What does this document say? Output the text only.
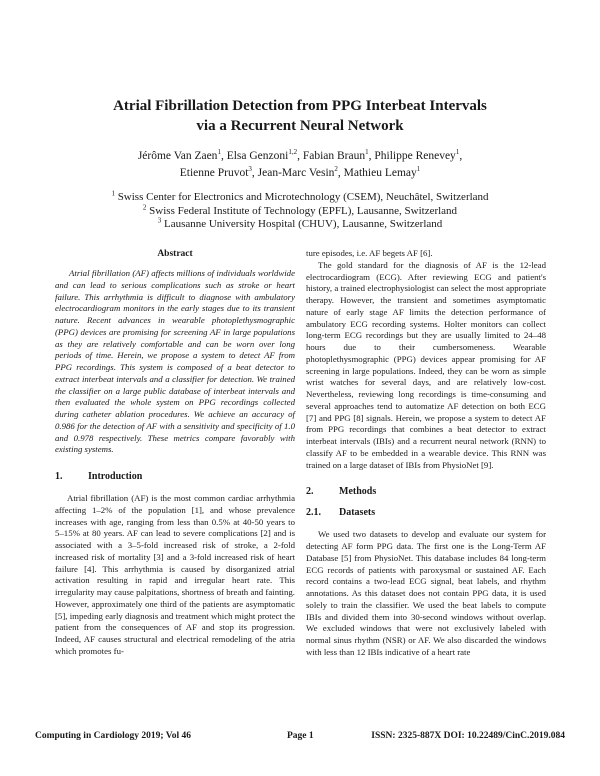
Atrial Fibrillation Detection from PPG Interbeat Intervals
via a Recurrent Neural Network
Jérôme Van Zaen$^1$, Elsa Genzoni$^{1,2}$, Fabian Braun$^1$, Philippe Renevey$^1$,
Etienne Pruvot$^3$, Jean-Marc Vesin$^2$, Mathieu Lemay$^1$
$^1$ Swiss Center for Electronics and Microtechnology (CSEM), Neuchâtel, Switzerland
$^2$ Swiss Federal Institute of Technology (EPFL), Lausanne, Switzerland
$^3$ Lausanne University Hospital (CHUV), Lausanne, Switzerland
Abstract

Atrial fibrillation (AF) affects millions of individuals worldwide and can lead to serious complications such as stroke or heart failure. This arrhythmia is difficult to diagnose with ambulatory electrocardiogram monitors in the early stages due to its transient nature. Recent advances in wearable photoplethysmographic (PPG) devices are promising for screening AF in large populations as they are relatively comfortable and can be worn over long periods of time. Herein, we propose a system to detect AF from PPG recordings. This system is composed of a beat detector to extract interbeat intervals and a classifier for detection. We trained the classifier on a large public database of interbeat intervals and then evaluated the whole system on PPG recordings collected during catheter ablation procedures. We achieve an accuracy of 0.986 for the detection of AF with a sensitivity and specificity of 1.0 and 0.978 respectively. These metrics compare favorably with existing systems.

1.	Introduction

Atrial fibrillation (AF) is the most common cardiac arrhythmia affecting 1–2% of the population [1], and whose prevalence increases with age, ranging from less than 0.5% at 40-50 years to 5–15% at 80 years. AF can lead to severe complications [2] and is associated with a 3–5-fold increased risk of stroke, a 2-fold increased risk of mortality [3] and a 3-fold increased risk of heart failure [4]. This arrhythmia is caused by disorganized atrial activation resulting in rapid and irregular heart rate. This irregularity may cause palpitations, shortness of breath and fainting. However, approximately one third of the patients are asymptomatic [5], impeding early diagnosis and treatment which might protect the patient from the consequences of AF and stop its progression. Indeed, AF causes structural and electrical remodeling of the atria which promotes fu-

ture episodes, i.e. AF begets AF [6].

The gold standard for the diagnosis of AF is the 12-lead electrocardiogram (ECG). After reviewing ECG and patient's history, a trained electrophysiologist can select the most appropriate therapy. However, the transient and sometimes asymptomatic nature of early stage AF limits the detection performance of ambulatory ECG recording systems. Holter monitors can collect long-term ECG recordings but they are usually limited to 24–48 hours due to their cumbersomeness. Wearable photoplethysmographic (PPG) devices appear promising for AF screening in large populations. Indeed, they can be worn as simple wrist watches for several days, and are relatively low-cost. Nevertheless, reviewing long recordings is time-consuming and several approaches tend to automatize AF detection on both ECG [7] and PPG [8] signals. Herein, we propose a system to detect AF from PPG recordings that combines a beat detector to extract interbeat intervals (IBIs) and a recurrent neural network (RNN) to classify AF to be embedded in a wearable device. This RNN was trained on a large dataset of IBIs from PhysioNet [9].

2.	Methods
2.1.	Datasets

We used two datasets to develop and evaluate our system for detecting AF form PPG data. The first one is the Long-Term AF Database [5] from PhysioNet. This database includes 84 long-term ECG records of patients with paroxysmal or sustained AF. Each record contains a two-lead ECG signal, beat labels, and rhythm annotations. As this dataset does not contain PPG data, it is used solely to train the classifier. We used the beat labels to compute IBIs and divided them into 30-second windows without overlap. We excluded windows that were not exclusively labeled with normal sinus rhythm (NSR) or AF. We also discarded the windows with less than 12 IBIs indicative of a heart rate

Computing in Cardiology 2019; Vol 46	Page 1	ISSN: 2325-887X DOI: 10.22489/CinC.2019.084
